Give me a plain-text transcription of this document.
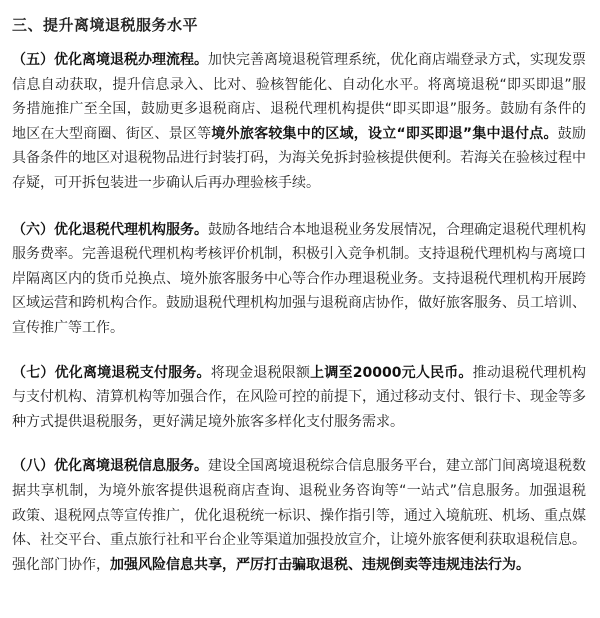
三、提升离境退税服务水平

（五）优化离境退税办理流程。加快完善离境退税管理系统，优化商店端登录方式，实现发票信息自动获取，提升信息录入、比对、验核智能化、自动化水平。将离境退税“即买即退”服务措施推广至全国，鼓励更多退税商店、退税代理机构提供“即买即退”服务。鼓励有条件的地区在大型商圈、街区、景区等境外旅客较集中的区域，设立“即买即退”集中退付点。鼓励具备条件的地区对退税物品进行封装打码，为海关免拆封验核提供便利。若海关在验核过程中存疑，可开拆包装进一步确认后再办理验核手续。

（六）优化退税代理机构服务。鼓励各地结合本地退税业务发展情况，合理确定退税代理机构服务费率。完善退税代理机构考核评价机制，积极引入竞争机制。支持退税代理机构与离境口岸隔离区内的货币兑换点、境外旅客服务中心等合作办理退税业务。支持退税代理机构开展跨区域运营和跨机构合作。鼓励退税代理机构加强与退税商店协作，做好旅客服务、员工培训、宣传推广等工作。

（七）优化离境退税支付服务。将现金退税限额上调至20000元人民币。推动退税代理机构与支付机构、清算机构等加强合作，在风险可控的前提下，通过移动支付、银行卡、现金等多种方式提供退税服务，更好满足境外旅客多样化支付服务需求。

（八）优化离境退税信息服务。建设全国离境退税综合信息服务平台，建立部门间离境退税数据共享机制，为境外旅客提供退税商店查询、退税业务咨询等“一站式”信息服务。加强退税政策、退税网点等宣传推广，优化退税统一标识、操作指引等，通过入境航班、机场、重点媒体、社交平台、重点旅行社和平台企业等渠道加强投放宣介，让境外旅客便利获取退税信息。强化部门协作，加强风险信息共享，严厉打击骗取退税、违规倒卖等违规违法行为。
